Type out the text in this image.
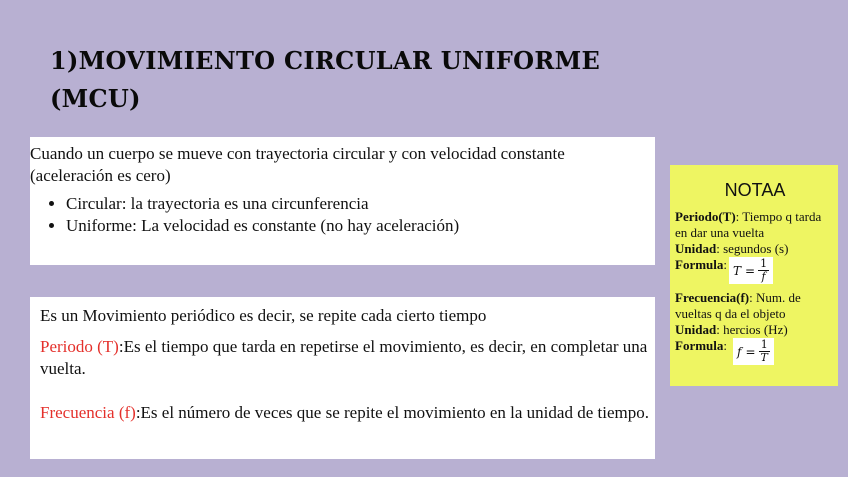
1)MOVIMIENTO CIRCULAR UNIFORME
(MCU)

Cuando un cuerpo se mueve con trayectoria circular y con velocidad constante (aceleración es cero)

• Circular: la trayectoria es una circunferencia
• Uniforme: La velocidad es constante (no hay aceleración)

Es un Movimiento periódico es decir, se repite cada cierto tiempo

Periodo (T):Es el tiempo que tarda en repetirse el movimiento, es decir, en completar una vuelta.

Frecuencia (f):Es el número de veces que se repite el movimiento en la unidad de tiempo.

NOTAA

Periodo(T): Tiempo q tarda en dar una vuelta

Unidad: segundos (s)

Formula : $T = \frac{1}{f}$

Frecuencia(f): Num. de vueltas q da el objeto

Unidad: hercios (Hz)

Formula : $f = \frac{1}{T}$
